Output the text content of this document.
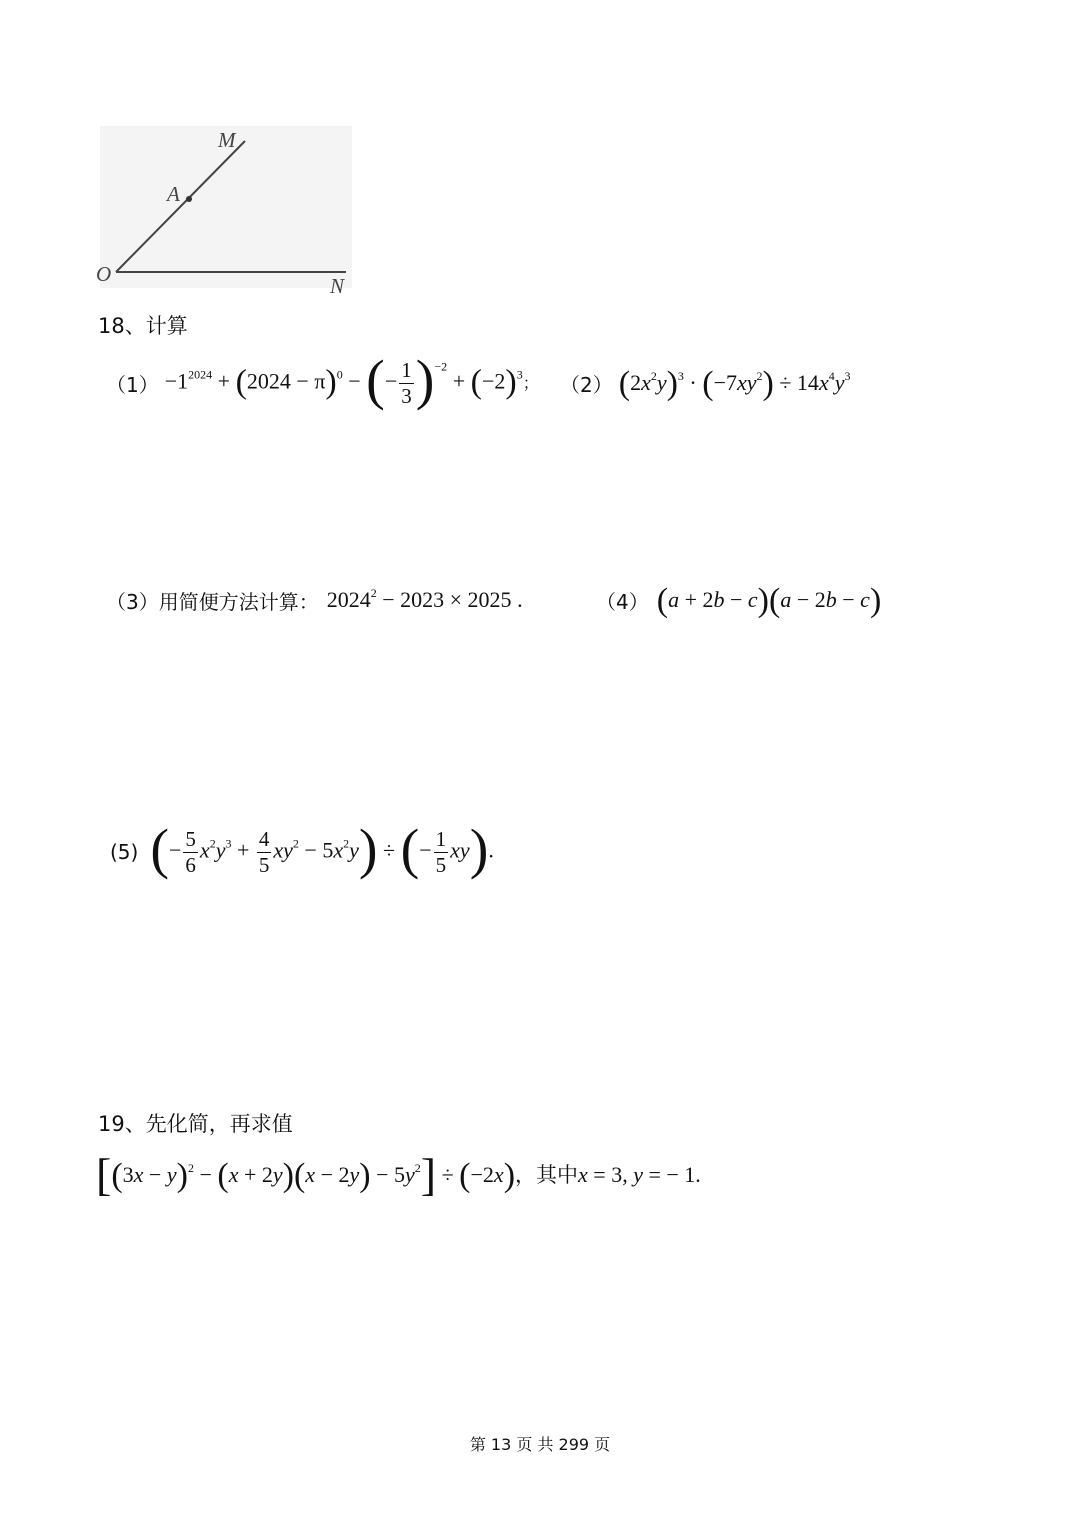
M
A
O	N
18、计算
$(1) -1^{2024} + (2024 - \pi)^0$ − (− $\frac{1}{3} )^{-2} + (-2)^3$； （2） $(2x^2y)^3 \cdot (-7xy^2) \div 14x^4y^3$
（3）用简便方法计算： $2024^2 - 2023 \times 2025$ .	（4） (a + 2b − c)(a − 2b − c)
(5) (− $\frac{5}{6} x^2y^3 + \frac{4}{5} xy^2 - 5x^2y$) ÷ (− $\frac{1}{5} xy$).
19、先化简，再求值
$[(3x - y)^2 - (x + 2y)(x - 2y) - 5y^2] \div (-2x)$，其中x = 3, y = − 1.
第 13 页 共 299 页
